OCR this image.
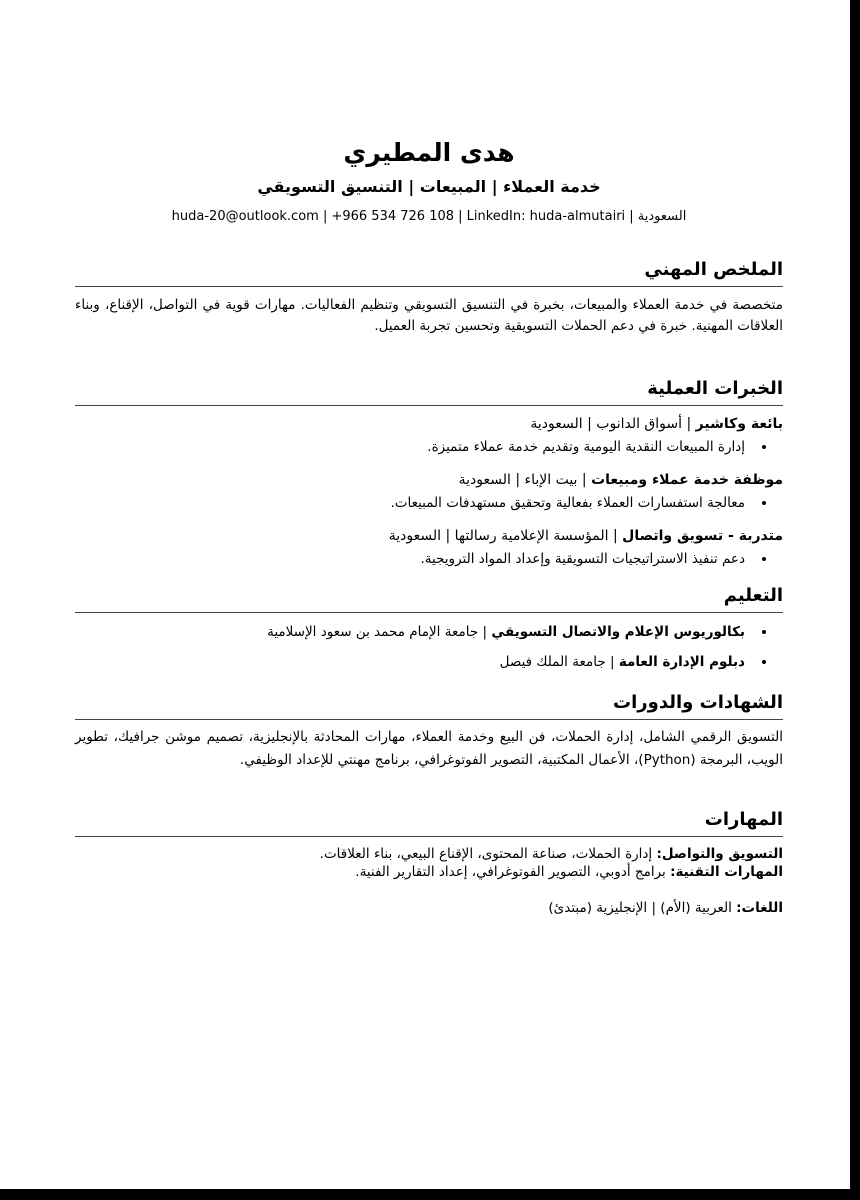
هدى المطيري
خدمة العملاء | المبيعات | التنسيق التسويقي
السعودية | huda-20@outlook.com | +966 534 726 108 | LinkedIn: huda-almutairi
الملخص المهني
متخصصة في خدمة العملاء والمبيعات، بخبرة في التنسيق التسويقي وتنظيم الفعاليات. مهارات قوية في التواصل، الإقناع، وبناء العلاقات المهنية. خبرة في دعم الحملات التسويقية وتحسين تجربة العميل.
الخبرات العملية
بائعة وكاشير | أسواق الدانوب | السعودية
• إدارة المبيعات النقدية اليومية وتقديم خدمة عملاء متميزة.
موظفة خدمة عملاء ومبيعات | بيت الإباء | السعودية
• معالجة استفسارات العملاء بفعالية وتحقيق مستهدفات المبيعات.
متدربة - تسويق واتصال | المؤسسة الإعلامية رسالتها | السعودية
• دعم تنفيذ الاستراتيجيات التسويقية وإعداد المواد الترويجية.
التعليم
• بكالوريوس الإعلام والاتصال التسويقي | جامعة الإمام محمد بن سعود الإسلامية
• دبلوم الإدارة العامة | جامعة الملك فيصل
الشهادات والدورات
التسويق الرقمي الشامل، إدارة الحملات، فن البيع وخدمة العملاء، مهارات المحادثة بالإنجليزية، تصميم موشن جرافيك، تطوير الويب، البرمجة (Python)، الأعمال المكتبية، التصوير الفوتوغرافي، برنامج مهنتي للإعداد الوظيفي.
المهارات
التسويق والتواصل: إدارة الحملات، صناعة المحتوى، الإقناع البيعي، بناء العلاقات.
المهارات التقنية: برامج أدوبي، التصوير الفوتوغرافي، إعداد التقارير الفنية.
اللغات: العربية (الأم) | الإنجليزية (مبتدئ)
